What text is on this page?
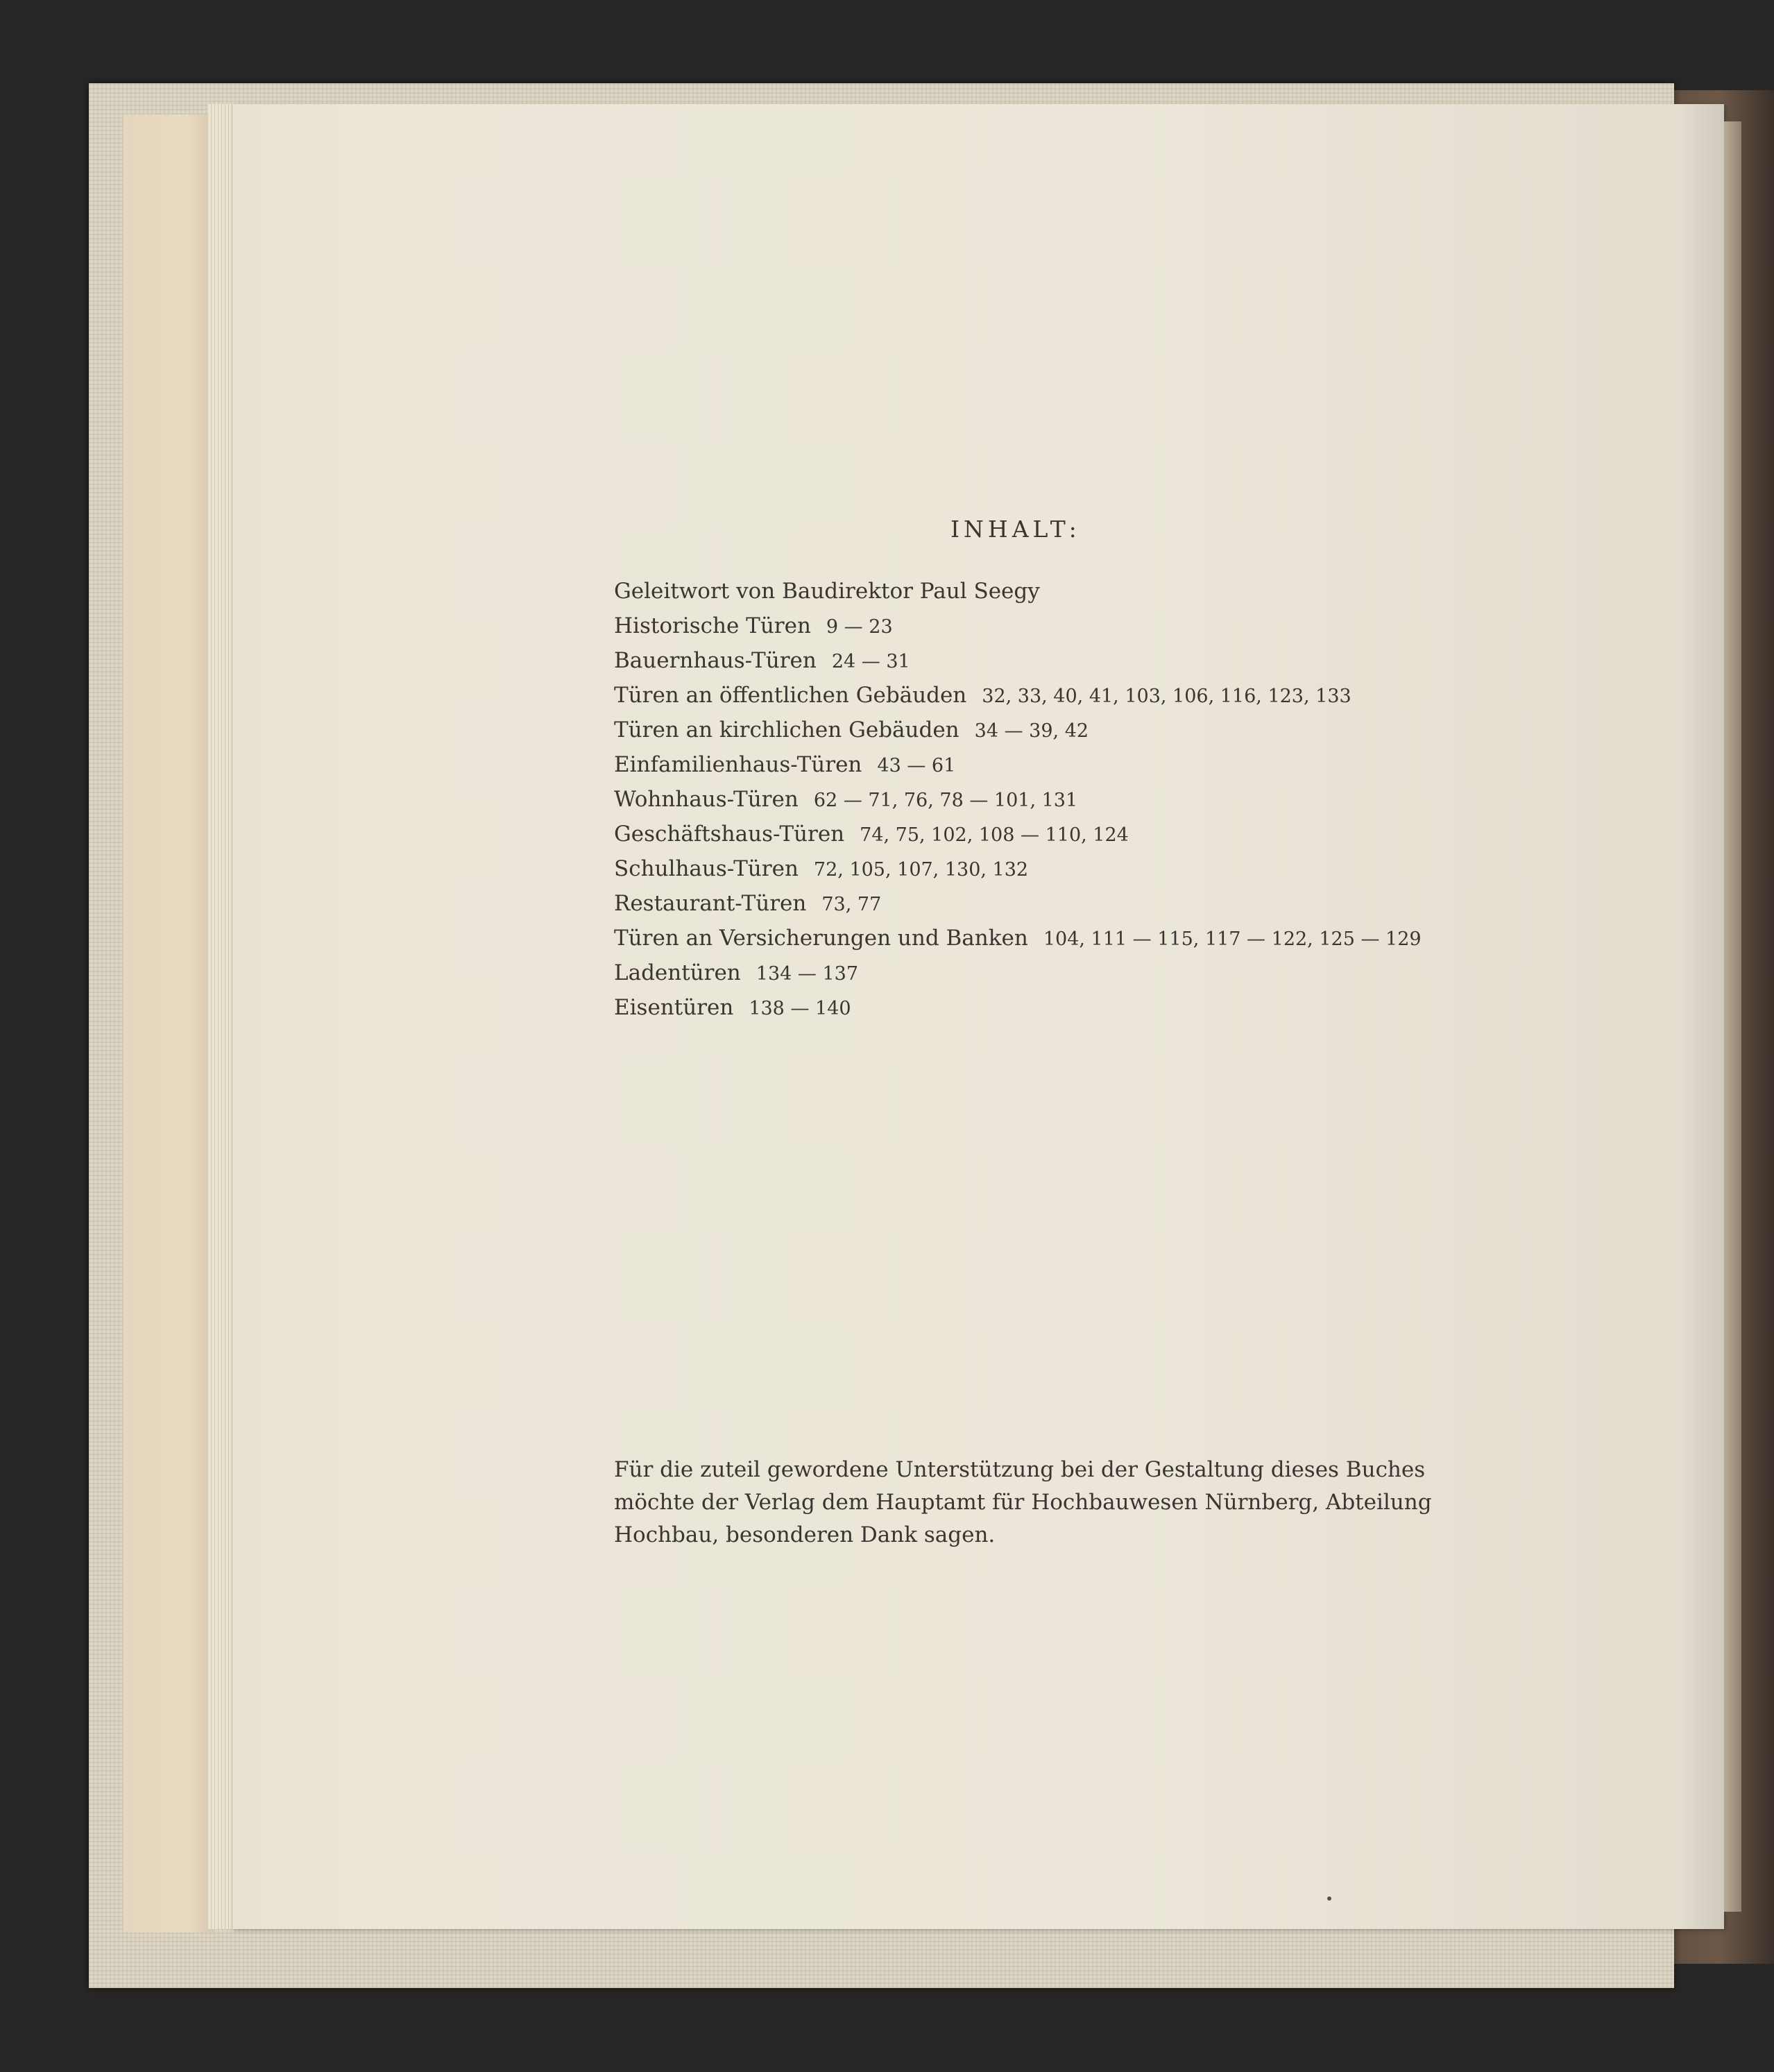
INHALT:
Geleitwort von Baudirektor Paul Seegy
Historische Türen 9 — 23
Bauernhaus-Türen 24 — 31
Türen an öffentlichen Gebäuden 32, 33, 40, 41, 103, 106, 116, 123, 133
Türen an kirchlichen Gebäuden 34 — 39, 42
Einfamilienhaus-Türen 43 — 61
Wohnhaus-Türen 62 — 71, 76, 78 — 101, 131
Geschäftshaus-Türen 74, 75, 102, 108 — 110, 124
Schulhaus-Türen 72, 105, 107, 130, 132
Restaurant-Türen 73, 77
Türen an Versicherungen und Banken 104, 111 — 115, 117 — 122, 125 — 129
Ladentüren 134 — 137
Eisentüren 138 — 140
Für die zuteil gewordene Unterstützung bei der Gestaltung dieses Buches möchte der Verlag dem Hauptamt für Hochbauwesen Nürnberg, Abteilung Hochbau, besonderen Dank sagen.
